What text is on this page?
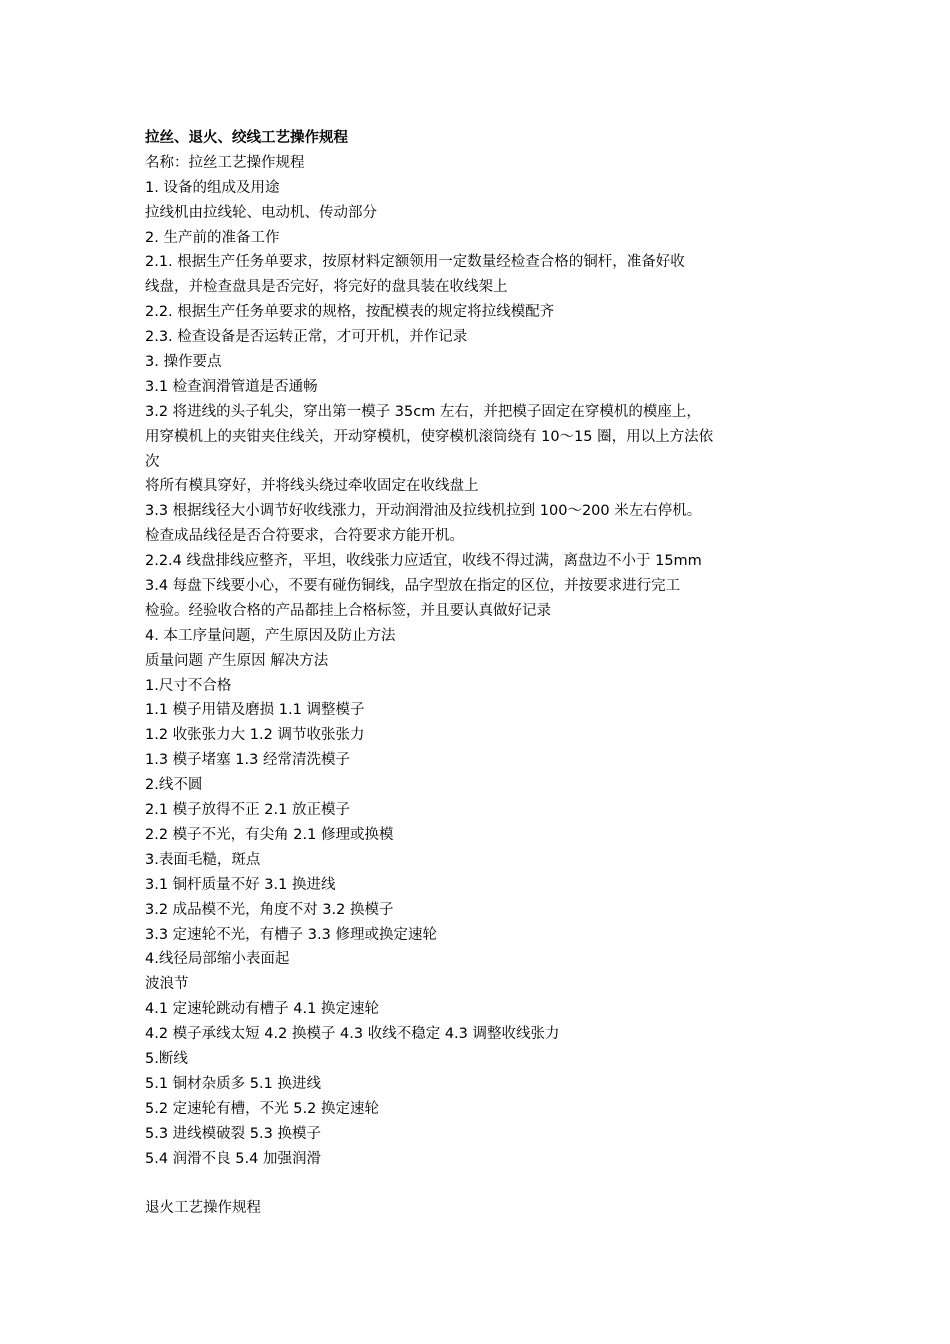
拉丝、退火、绞线工艺操作规程
名称：拉丝工艺操作规程
1. 设备的组成及用途
拉线机由拉线轮、电动机、传动部分
2. 生产前的准备工作
2.1. 根据生产任务单要求，按原材料定额领用一定数量经检查合格的铜杆，准备好收
线盘，并检查盘具是否完好，将完好的盘具装在收线架上
2.2. 根据生产任务单要求的规格，按配模表的规定将拉线模配齐
2.3. 检查设备是否运转正常，才可开机，并作记录
3. 操作要点
3.1 检查润滑管道是否通畅
3.2 将进线的头子轧尖，穿出第一模子 35cm 左右，并把模子固定在穿模机的模座上，
用穿模机上的夹钳夹住线关，开动穿模机，使穿模机滚筒绕有 10～15 圈，用以上方法依
次
将所有模具穿好，并将线头绕过牵收固定在收线盘上
3.3 根据线径大小调节好收线涨力，开动润滑油及拉线机拉到 100～200 米左右停机。
检查成品线径是否合符要求，合符要求方能开机。
2.2.4 线盘排线应整齐，平坦，收线张力应适宜，收线不得过满，离盘边不小于 15mm
3.4 每盘下线要小心，不要有碰伤铜线，品字型放在指定的区位，并按要求进行完工
检验。经验收合格的产品都挂上合格标签，并且要认真做好记录
4. 本工序量问题，产生原因及防止方法
质量问题 产生原因 解决方法
1.尺寸不合格
1.1 模子用错及磨损 1.1 调整模子
1.2 收张张力大 1.2 调节收张张力
1.3 模子堵塞 1.3 经常清洗模子
2.线不圆
2.1 模子放得不正 2.1 放正模子
2.2 模子不光，有尖角 2.1 修理或换模
3.表面毛糙，斑点
3.1 铜杆质量不好 3.1 换进线
3.2 成品模不光，角度不对 3.2 换模子
3.3 定速轮不光，有槽子 3.3 修理或换定速轮
4.线径局部缩小表面起
波浪节
4.1 定速轮跳动有槽子 4.1 换定速轮
4.2 模子承线太短 4.2 换模子 4.3 收线不稳定 4.3 调整收线张力
5.断线
5.1 铜材杂质多 5.1 换进线
5.2 定速轮有槽，不光 5.2 换定速轮
5.3 进线模破裂 5.3 换模子
5.4 润滑不良 5.4 加强润滑
退火工艺操作规程
